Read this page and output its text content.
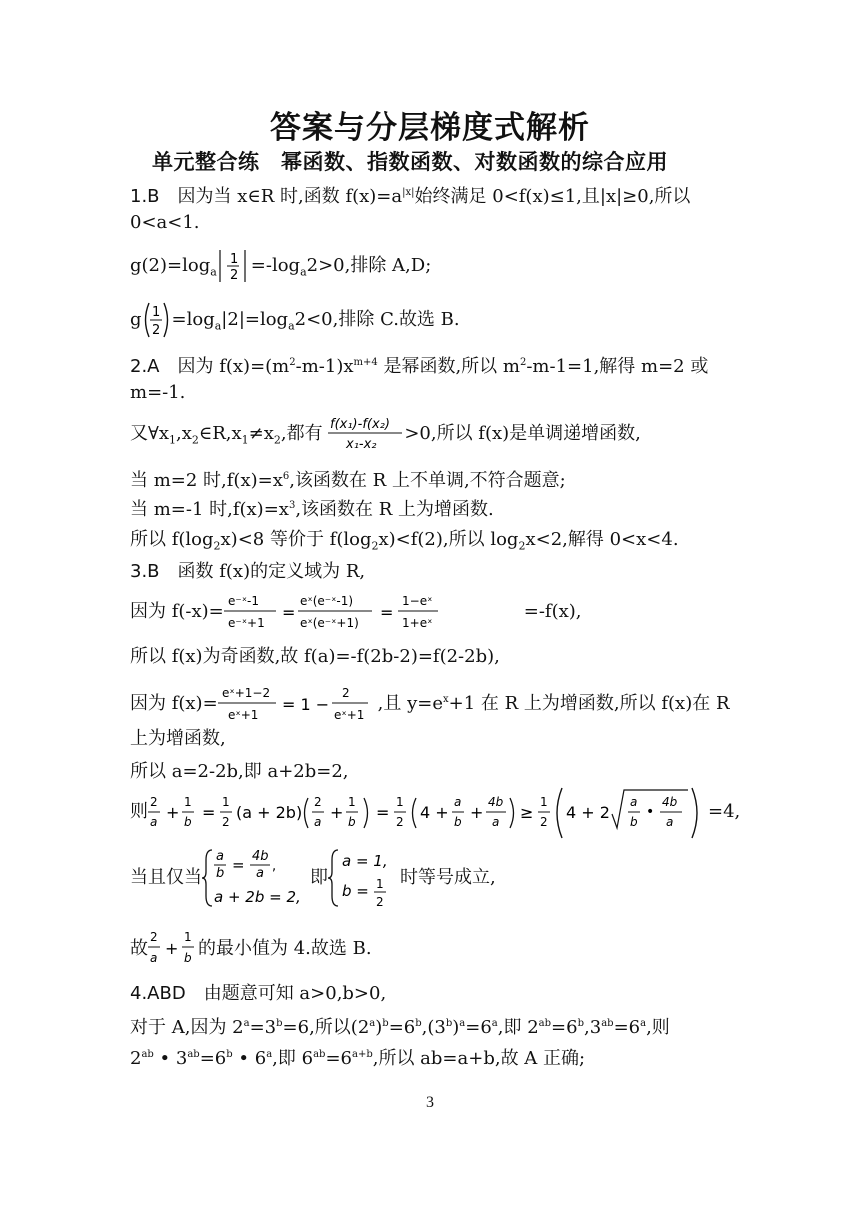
答案与分层梯度式解析
单元整合练　幂函数、指数函数、对数函数的综合应用
1.B　因为当 x∈R 时,函数 $f(x)=a^{|x|}$始终满足 0<f(x)≤1,且|x|≥0,所以
0<a<1.
$g(2)=\log_a$
1
$2 =-\log_a2>0$,排除 A,D;
g 1
2
$=\log_a|2|=\log_a2<0$,排除 C.故选 B.
2.A　因为 $f(x)=(m^2-m-1)x^{m+4}$ 是幂函数,所以 $m^2-m-1=1$,解得 m=2 或
m=-1.
又$\forall x_1,x_2\in R,x_1\ne x_2$,都有 f(x₁)-f(x₂)
x₁-x₂
>0,所以 f(x)是单调递增函数,
当 m=2 时$,f(x)=x^6$,该函数在 R 上不单调,不符合题意;
当 m=-1 时$,f(x)=x^3$,该函数在 R 上为增函数.
所以 $f(\log_2x)<8$ 等价于 $f(\log_2x)<f(2)$,所以 $\log_2x<2$,解得 0<x<4.
3.B　函数 f(x)的定义域为 R,
因为 f(-x)= e⁻ˣ-1
e⁻ˣ+1
=
eˣ(e⁻ˣ-1)
eˣ(e⁻ˣ+1)
=
1−eˣ
1+eˣ
=-f(x),
所以 f(x)为奇函数,故 f(a)=-f(2b-2)=f(2-2b),
因为 f(x)= eˣ+1−2
eˣ+1
= 1 −
2
eˣ+1
,且 $y=e^x+1$ 在 R 上为增函数,所以 f(x)在 R
上为增函数,
所以 a=2-2b,即 a+2b=2,
则 2
a +
1
b =
1
2 (a + 2b)
2
a +
1
b =
1
2 4 +
a
b +
4b
a ≥
1
2 4 + 2
a
b
•
4b
a =4,
当且仅当
a
b = 4b
a ,
a + 2b = 2,
即
a = 1,
b = 1
2
时等号成立,
故
2
a +
1
b 的最小值为 4.故选 B.
4.ABD　由题意可知 a>0,b>0,
对于 A,因为 $2^a=3^b=6$,所以$(2^a)^b=6^b,(3^b)^a=6^a$,即 $2^{ab}=6^b,3^{ab}=6^a$,则
$2^{ab}$ • $3^{ab}=6^b$ • 6$^a$,即 $6^{ab}=6^{a+b}$,所以 ab=a+b,故 A 正确;
3
